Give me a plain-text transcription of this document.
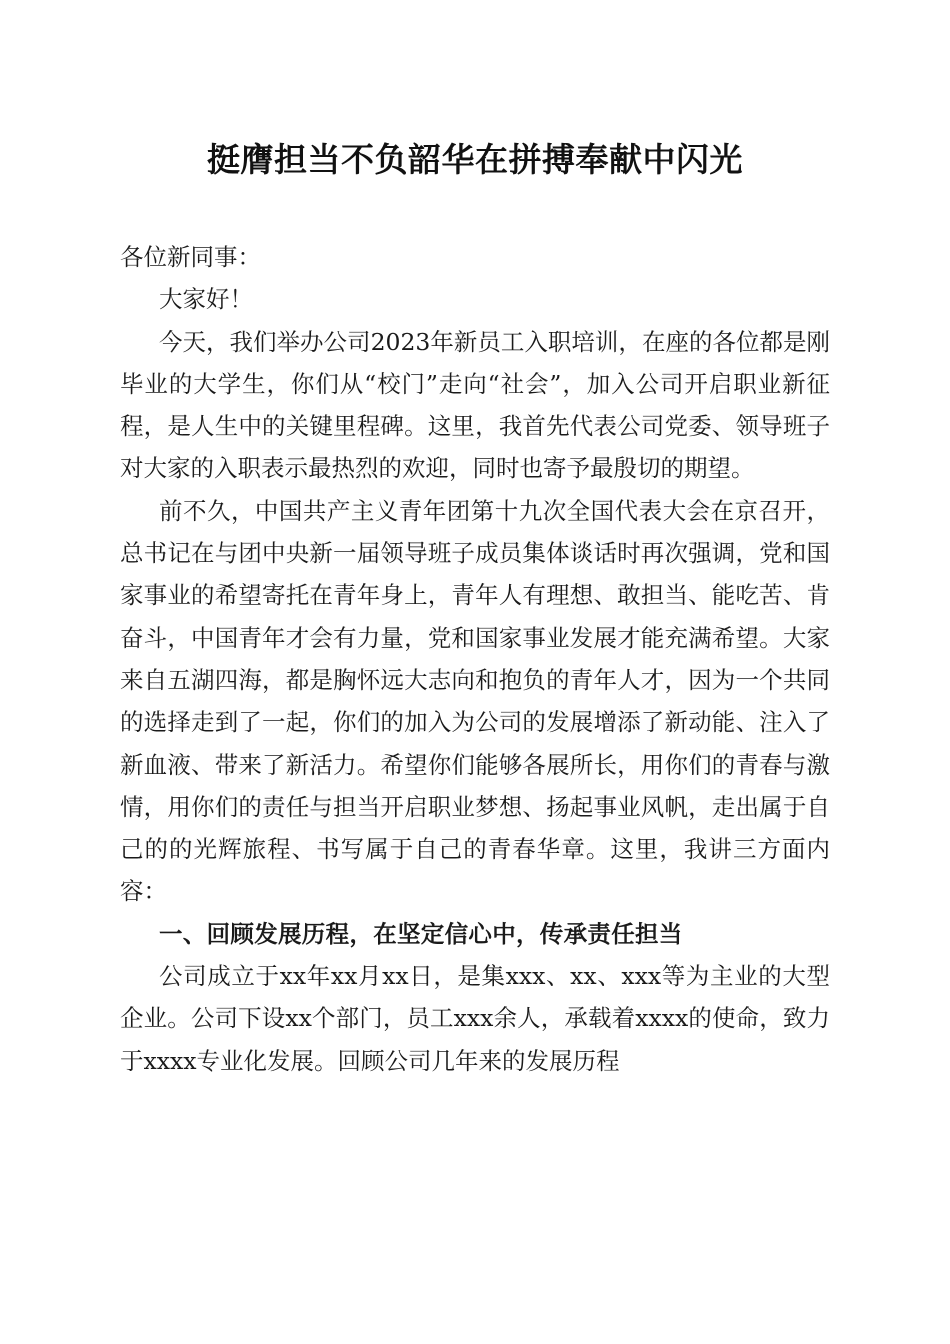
挺膺担当不负韶华在拼搏奉献中闪光

各位新同事：

大家好！

今天，我们举办公司2023年新员工入职培训，在座的各位都是刚毕业的大学生，你们从“校门”走向“社会”，加入公司开启职业新征程，是人生中的关键里程碑。这里，我首先代表公司党委、领导班子对大家的入职表示最热烈的欢迎，同时也寄予最殷切的期望。

前不久，中国共产主义青年团第十九次全国代表大会在京召开，总书记在与团中央新一届领导班子成员集体谈话时再次强调，党和国家事业的希望寄托在青年身上，青年人有理想、敢担当、能吃苦、肯奋斗，中国青年才会有力量，党和国家事业发展才能充满希望。大家来自五湖四海，都是胸怀远大志向和抱负的青年人才，因为一个共同的选择走到了一起，你们的加入为公司的发展增添了新动能、注入了新血液、带来了新活力。希望你们能够各展所长，用你们的青春与激情，用你们的责任与担当开启职业梦想、扬起事业风帆，走出属于自己的的光辉旅程、书写属于自己的青春华章。这里，我讲三方面内容：

一、回顾发展历程，在坚定信心中，传承责任担当

公司成立于xx年xx月xx日，是集xxx、xx、xxx等为主业的大型企业。公司下设xx个部门，员工xxx余人，承载着xxxx的使命，致力于xxxx专业化发展。回顾公司几年来的发展历程
